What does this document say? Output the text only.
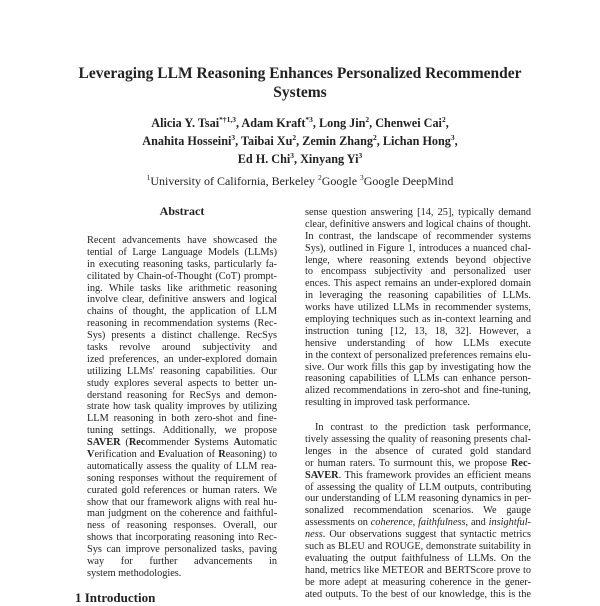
Leveraging LLM Reasoning Enhances Personalized Recommender
Systems
Alicia Y. Tsai$^{*\dagger 1,3}$, Adam Kraft$^{*3}$, Long Jin$^2$, Chenwei Cai$^2$,
Anahita Hosseini$^3$, Taibai Xu$^2$, Zemin Zhang$^2$, Lichan Hong$^3$,
Ed H. Chi$^3$, Xinyang Yi$^3$
$^1$University of California, Berkeley $^2$Google $^3$Google DeepMind
Abstract
Recent advancements have showcased the
tential of Large Language Models (LLMs)
in executing reasoning tasks, particularly fa-
cilitated by Chain-of-Thought (CoT) prompt-
ing. While tasks like arithmetic reasoning
involve clear, definitive answers and logical
chains of thought, the application of LLM
reasoning in recommendation systems (Rec-
Sys) presents a distinct challenge. RecSys
tasks revolve around subjectivity and
ized preferences, an under-explored domain
utilizing LLMs' reasoning capabilities. Our
study explores several aspects to better un-
derstand reasoning for RecSys and demon-
strate how task quality improves by utilizing
LLM reasoning in both zero-shot and fine-
tuning settings. Additionally, we propose
SAVER (Recommender Systems Automatic
Verification and Evaluation of Reasoning) to
automatically assess the quality of LLM rea-
soning responses without the requirement of
curated gold references or human raters. We
show that our framework aligns with real hu-
man judgment on the coherence and faithful-
ness of reasoning responses. Overall, our
shows that incorporating reasoning into Rec-
Sys can improve personalized tasks, paving
way for further advancements in
system methodologies.
1 Introduction
sense question answering [14, 25], typically demand
clear, definitive answers and logical chains of thought.
In contrast, the landscape of recommender systems
Sys), outlined in Figure 1, introduces a nuanced chal-
lenge, where reasoning extends beyond objective
to encompass subjectivity and personalized user
ences. This aspect remains an under-explored domain
in leveraging the reasoning capabilities of LLMs.
works have utilized LLMs in recommender systems,
employing techniques such as in-context learning and
instruction tuning [12, 13, 18, 32]. However, a
hensive understanding of how LLMs execute
in the context of personalized preferences remains elu-
sive. Our work fills this gap by investigating how the
reasoning capabilities of LLMs can enhance person-
alized recommendations in zero-shot and fine-tuning,
resulting in improved task performance.
In contrast to the prediction task performance,
tively assessing the quality of reasoning presents chal-
lenges in the absence of curated gold standard
or human raters. To surmount this, we propose Rec-
SAVER. This framework provides an efficient means
of assessing the quality of LLM outputs, contributing
our understanding of LLM reasoning dynamics in per-
sonalized recommendation scenarios. We gauge
assessments on coherence, faithfulness, and insightful-
ness. Our observations suggest that syntactic metrics
such as BLEU and ROUGE, demonstrate suitability in
evaluating the output faithfulness of LLMs. On the
hand, metrics like METEOR and BERTScore prove to
be more adept at measuring coherence in the gener-
ated outputs. To the best of our knowledge, this is the
